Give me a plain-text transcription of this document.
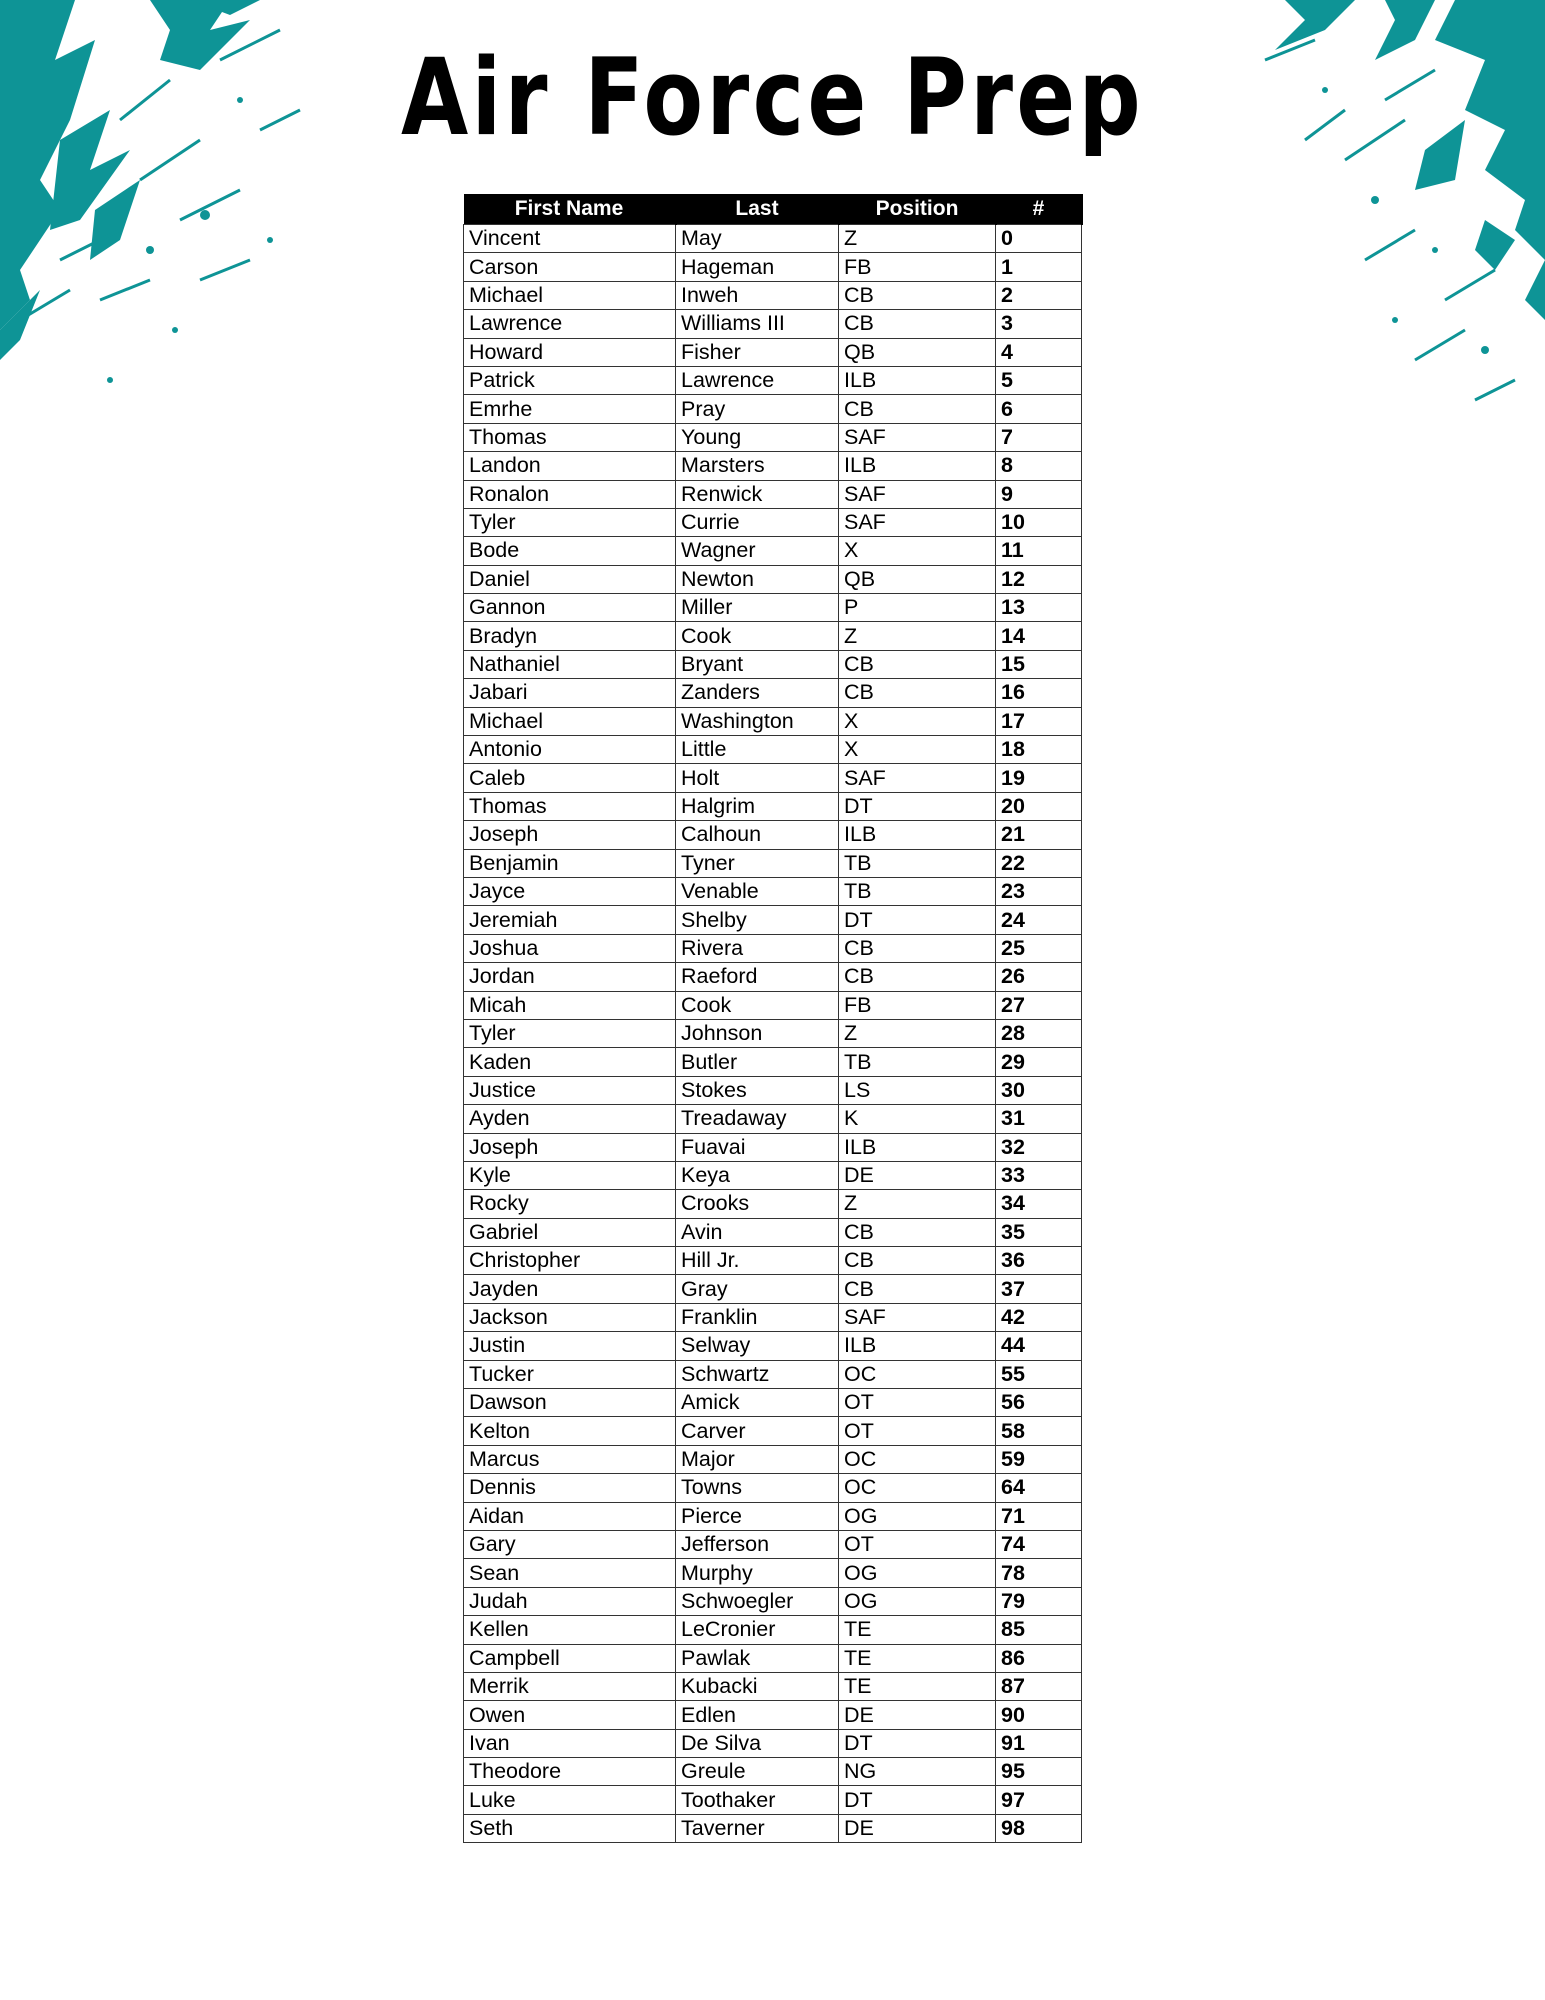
Air Force Prep
First Name	Last	Position	#
Vincent	May	Z	0
Carson	Hageman	FB	1
Michael	Inweh	CB	2
Lawrence	Williams III	CB	3
Howard	Fisher	QB	4
Patrick	Lawrence	ILB	5
Emrhe	Pray	CB	6
Thomas	Young	SAF	7
Landon	Marsters	ILB	8
Ronalon	Renwick	SAF	9
Tyler	Currie	SAF	10
Bode	Wagner	X	11
Daniel	Newton	QB	12
Gannon	Miller	P	13
Bradyn	Cook	Z	14
Nathaniel	Bryant	CB	15
Jabari	Zanders	CB	16
Michael	Washington	X	17
Antonio	Little	X	18
Caleb	Holt	SAF	19
Thomas	Halgrim	DT	20
Joseph	Calhoun	ILB	21
Benjamin	Tyner	TB	22
Jayce	Venable	TB	23
Jeremiah	Shelby	DT	24
Joshua	Rivera	CB	25
Jordan	Raeford	CB	26
Micah	Cook	FB	27
Tyler	Johnson	Z	28
Kaden	Butler	TB	29
Justice	Stokes	LS	30
Ayden	Treadaway	K	31
Joseph	Fuavai	ILB	32
Kyle	Keya	DE	33
Rocky	Crooks	Z	34
Gabriel	Avin	CB	35
Christopher	Hill Jr.	CB	36
Jayden	Gray	CB	37
Jackson	Franklin	SAF	42
Justin	Selway	ILB	44
Tucker	Schwartz	OC	55
Dawson	Amick	OT	56
Kelton	Carver	OT	58
Marcus	Major	OC	59
Dennis	Towns	OC	64
Aidan	Pierce	OG	71
Gary	Jefferson	OT	74
Sean	Murphy	OG	78
Judah	Schwoegler	OG	79
Kellen	LeCronier	TE	85
Campbell	Pawlak	TE	86
Merrik	Kubacki	TE	87
Owen	Edlen	DE	90
Ivan	De Silva	DT	91
Theodore	Greule	NG	95
Luke	Toothaker	DT	97
Seth	Taverner	DE	98
